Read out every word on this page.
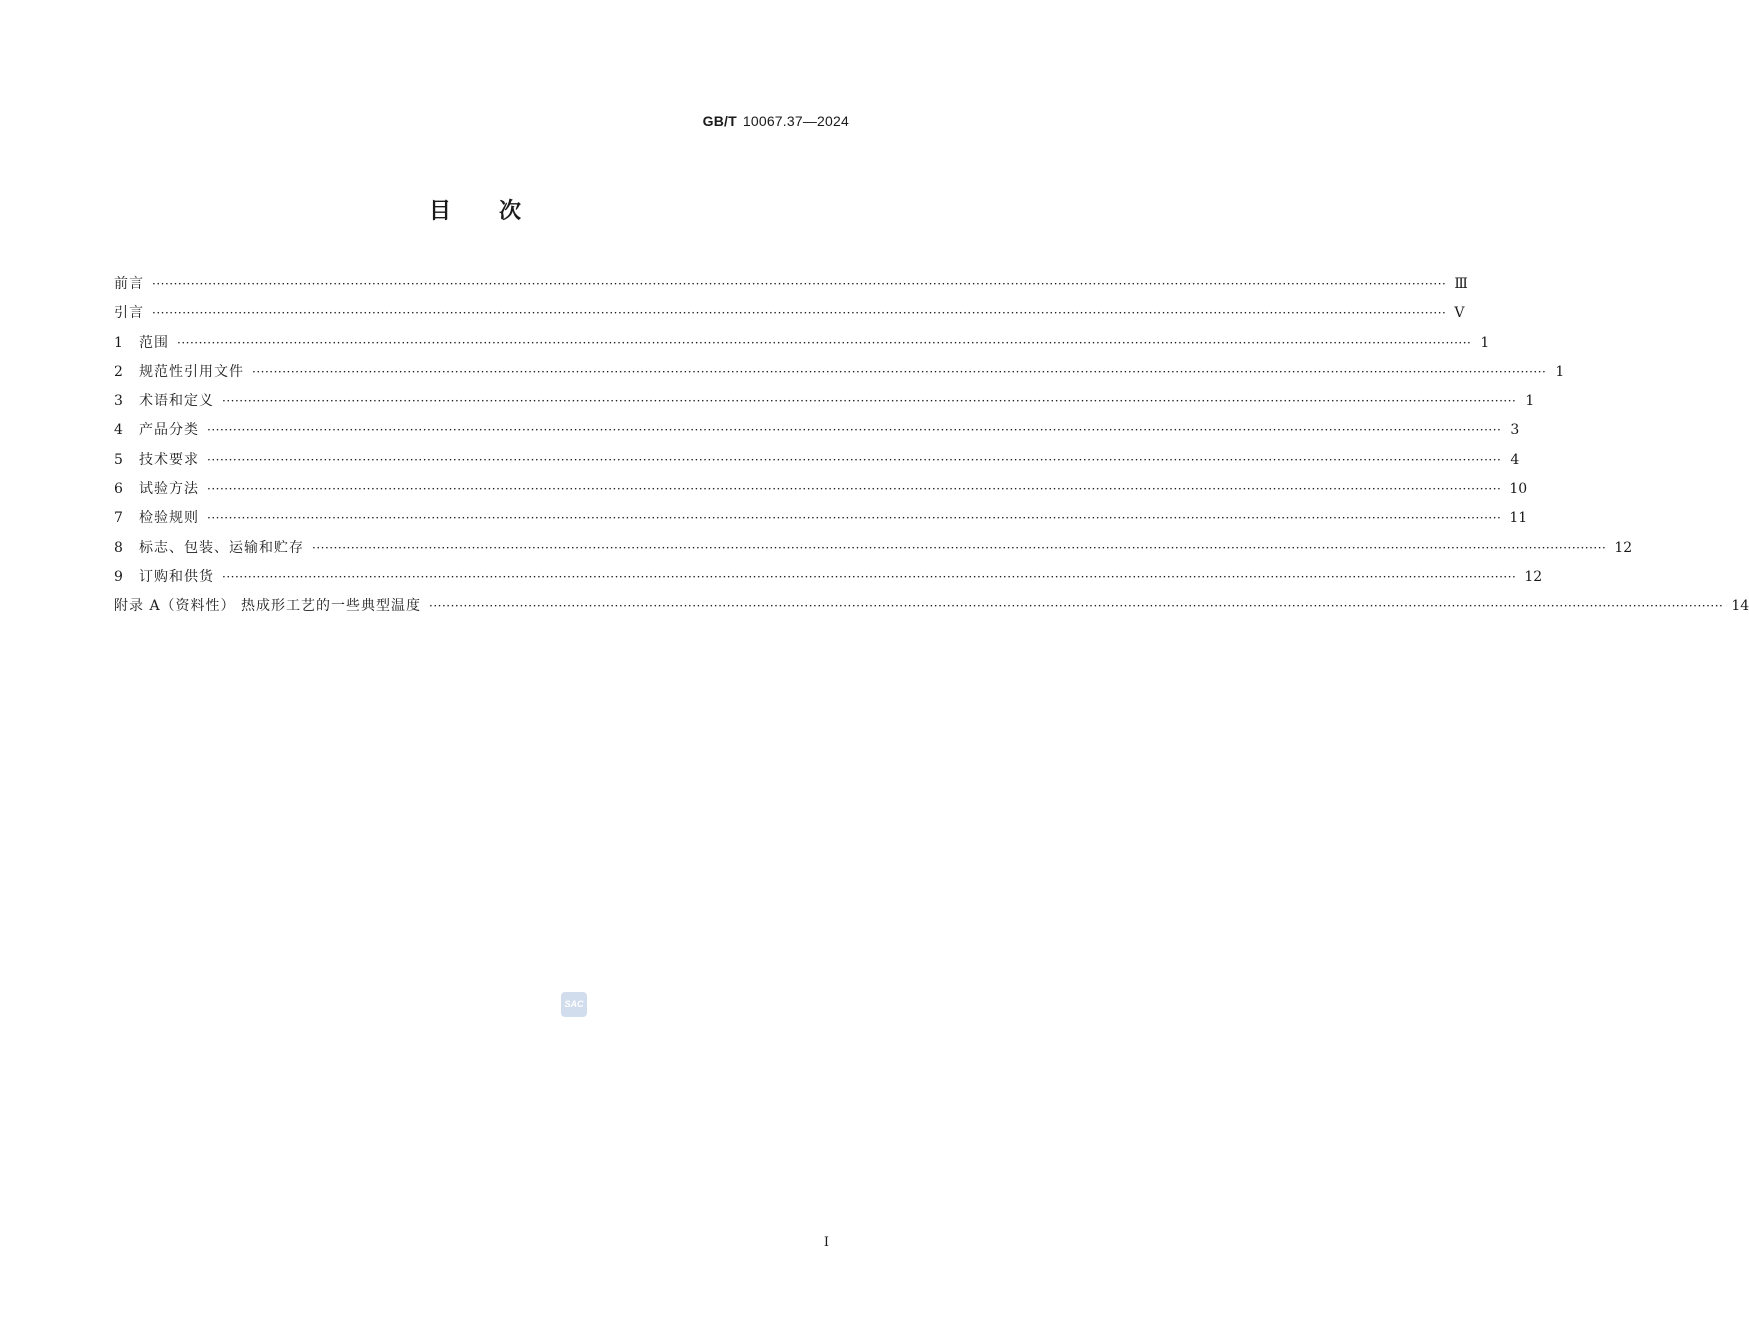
GB/T 10067.37—2024
目次
前言 ············································································································································································································································································································ Ⅲ
引言 ············································································································································································································································································································ Ⅴ
1	范围 ············································································································································································································································································································ 1
2	规范性引用文件 ············································································································································································································································································································ 1
3	术语和定义 ············································································································································································································································································································ 1
4	产品分类 ············································································································································································································································································································ 3
5	技术要求 ············································································································································································································································································································ 4
6	试验方法 ············································································································································································································································································································ 10
7	检验规则 ············································································································································································································································································································ 11
8	标志、包装、运输和贮存 ············································································································································································································································································································ 12
9	订购和供货 ············································································································································································································································································································ 12
附录 A（资料性） 热成形工艺的一些典型温度 ············································································································································································································································································································ 14
SAC
Ⅰ
